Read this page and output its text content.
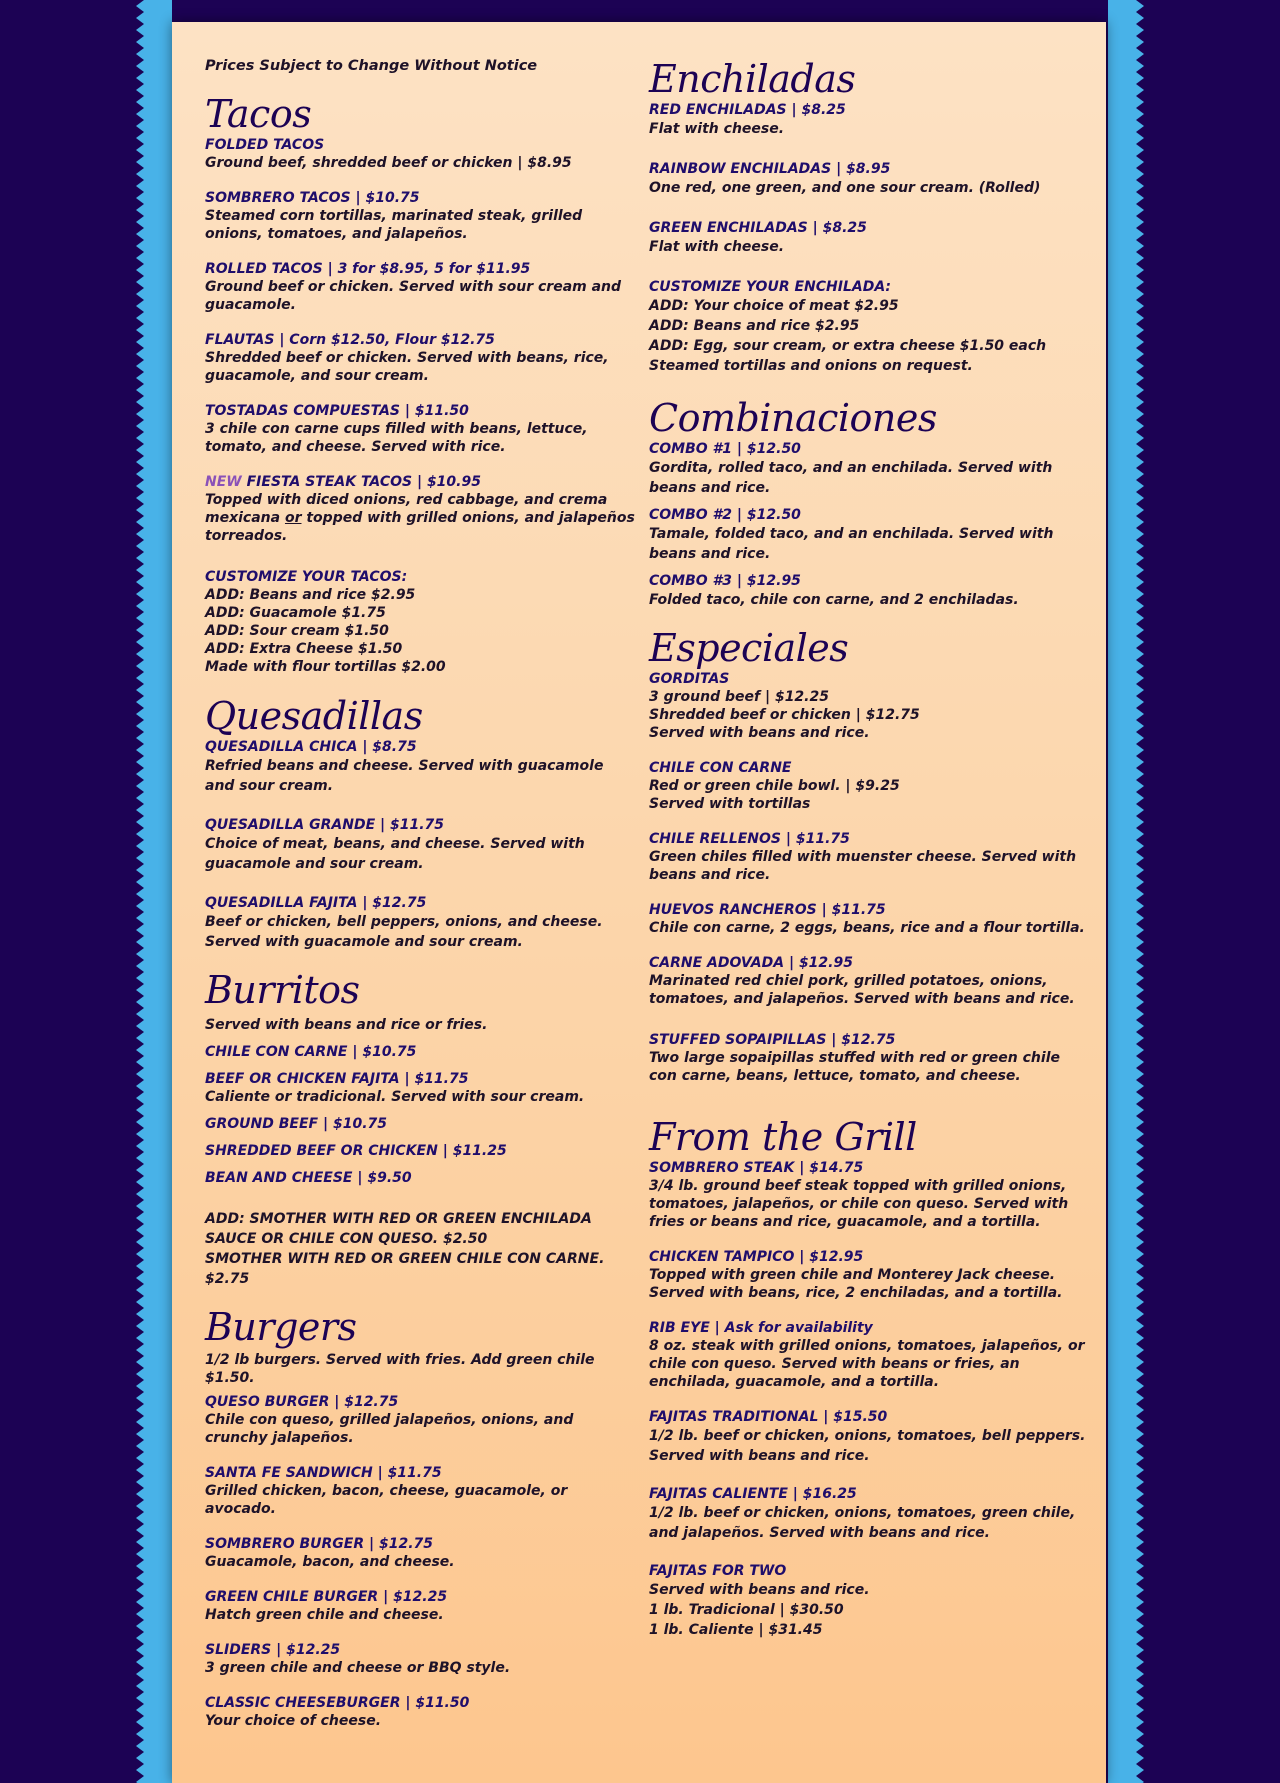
Prices Subject to Change Without Notice
Tacos
FOLDED TACOS
Ground beef, shredded beef or chicken | $8.95
SOMBRERO TACOS | $10.75
Steamed corn tortillas, marinated steak, grilled onions, tomatoes, and jalapeños.
ROLLED TACOS | 3 for $8.95, 5 for $11.95
Ground beef or chicken. Served with sour cream and guacamole.
FLAUTAS | Corn $12.50, Flour $12.75
Shredded beef or chicken. Served with beans, rice, guacamole, and sour cream.
TOSTADAS COMPUESTAS | $11.50
3 chile con carne cups filled with beans, lettuce, tomato, and cheese. Served with rice.
NEW FIESTA STEAK TACOS | $10.95
Topped with diced onions, red cabbage, and crema mexicana or topped with grilled onions, and jalapeños torreados.
CUSTOMIZE YOUR TACOS:
ADD: Beans and rice $2.95
ADD: Guacamole $1.75
ADD: Sour cream $1.50
ADD: Extra Cheese $1.50
Made with flour tortillas $2.00
Quesadillas
QUESADILLA CHICA | $8.75
Refried beans and cheese. Served with guacamole and sour cream.
QUESADILLA GRANDE | $11.75
Choice of meat, beans, and cheese. Served with guacamole and sour cream.
QUESADILLA FAJITA | $12.75
Beef or chicken, bell peppers, onions, and cheese. Served with guacamole and sour cream.
Burritos
Served with beans and rice or fries.
CHILE CON CARNE | $10.75
BEEF OR CHICKEN FAJITA | $11.75
Caliente or tradicional. Served with sour cream.
GROUND BEEF | $10.75
SHREDDED BEEF OR CHICKEN | $11.25
BEAN AND CHEESE | $9.50
ADD: SMOTHER WITH RED OR GREEN ENCHILADA SAUCE OR CHILE CON QUESO. $2.50
SMOTHER WITH RED OR GREEN CHILE CON CARNE. $2.75
Burgers
1/2 lb burgers. Served with fries. Add green chile $1.50.
QUESO BURGER | $12.75
Chile con queso, grilled jalapeños, onions, and crunchy jalapeños.
SANTA FE SANDWICH | $11.75
Grilled chicken, bacon, cheese, guacamole, or avocado.
SOMBRERO BURGER | $12.75
Guacamole, bacon, and cheese.
GREEN CHILE BURGER | $12.25
Hatch green chile and cheese.
SLIDERS | $12.25
3 green chile and cheese or BBQ style.
CLASSIC CHEESEBURGER | $11.50
Your choice of cheese.
Enchiladas
RED ENCHILADAS | $8.25
Flat with cheese.
RAINBOW ENCHILADAS | $8.95
One red, one green, and one sour cream. (Rolled)
GREEN ENCHILADAS | $8.25
Flat with cheese.
CUSTOMIZE YOUR ENCHILADA:
ADD: Your choice of meat $2.95
ADD: Beans and rice $2.95
ADD: Egg, sour cream, or extra cheese $1.50 each
Steamed tortillas and onions on request.
Combinaciones
COMBO #1 | $12.50
Gordita, rolled taco, and an enchilada. Served with beans and rice.
COMBO #2 | $12.50
Tamale, folded taco, and an enchilada. Served with beans and rice.
COMBO #3 | $12.95
Folded taco, chile con carne, and 2 enchiladas.
Especiales
GORDITAS
3 ground beef | $12.25
Shredded beef or chicken | $12.75
Served with beans and rice.
CHILE CON CARNE
Red or green chile bowl. | $9.25
Served with tortillas
CHILE RELLENOS | $11.75
Green chiles filled with muenster cheese. Served with beans and rice.
HUEVOS RANCHEROS | $11.75
Chile con carne, 2 eggs, beans, rice and a flour tortilla.
CARNE ADOVADA | $12.95
Marinated red chiel pork, grilled potatoes, onions, tomatoes, and jalapeños. Served with beans and rice.
STUFFED SOPAIPILLAS | $12.75
Two large sopaipillas stuffed with red or green chile con carne, beans, lettuce, tomato, and cheese.
From the Grill
SOMBRERO STEAK | $14.75
3/4 lb. ground beef steak topped with grilled onions, tomatoes, jalapeños, or chile con queso. Served with fries or beans and rice, guacamole, and a tortilla.
CHICKEN TAMPICO | $12.95
Topped with green chile and Monterey Jack cheese. Served with beans, rice, 2 enchiladas, and a tortilla.
RIB EYE | Ask for availability
8 oz. steak with grilled onions, tomatoes, jalapeños, or chile con queso. Served with beans or fries, an enchilada, guacamole, and a tortilla.
FAJITAS TRADITIONAL | $15.50
1/2 lb. beef or chicken, onions, tomatoes, bell peppers. Served with beans and rice.
FAJITAS CALIENTE | $16.25
1/2 lb. beef or chicken, onions, tomatoes, green chile, and jalapeños. Served with beans and rice.
FAJITAS FOR TWO
Served with beans and rice.
1 lb. Tradicional | $30.50
1 lb. Caliente | $31.45
